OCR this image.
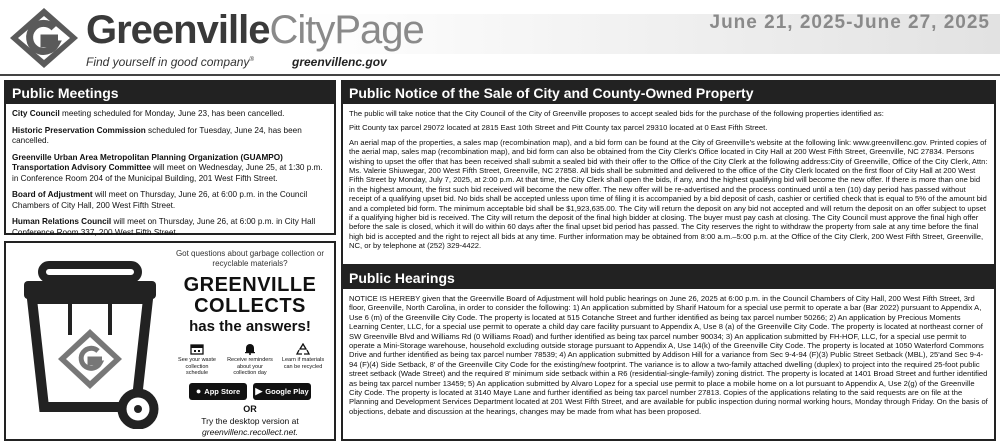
GreenvilleCityPage	June 21, 2025-June 27, 2025
Find yourself in good company®	greenvillenc.gov
Public Meetings
City Council meeting scheduled for Monday, June 23, has been cancelled.
Historic Preservation Commission scheduled for Tuesday, June 24, has been cancelled.
Greenville Urban Area Metropolitan Planning Organization (GUAMPO) Transportation Advisory Committee will meet on Wednesday, June 25, at 1:30 p.m. in Conference Room 204 of the Municipal Building, 201 West Fifth Street.
Board of Adjustment will meet on Thursday, June 26, at 6:00 p.m. in the Council Chambers of City Hall, 200 West Fifth Street.
Human Relations Council will meet on Thursday, June 26, at 6:00 p.m. in City Hall Conference Room 337, 200 West Fifth Street.
Got questions about garbage collection or recyclable materials?
GREENVILLE
COLLECTS
has the answers!
See your waste collection schedule
Receive reminders about your collection day
Learn if materials can be recycled
● App Store ▶ Google Play
OR
Try the desktop version at
greenvillenc.recollect.net.
Public Notice of the Sale of City and County-Owned Property

The public will take notice that the City Council of the City of Greenville proposes to accept sealed bids for the purchase of the following properties identified as:

Pitt County tax parcel 29072 located at 2815 East 10th Street and Pitt County tax parcel 29310 located at 0 East Fifth Street.

An aerial map of the properties, a sales map (recombination map), and a bid form can be found at the City of Greenville's website at the following link: www.greenvillenc.gov. Printed copies of the aerial map, sales map (recombination map), and bid form can also be obtained from the City Clerk's Office located in City Hall at 200 West Fifth Street, Greenville, NC 27834. Persons wishing to upset the offer that has been received shall submit a sealed bid with their offer to the Office of the City Clerk at the following address:City of Greenville, Office of the City Clerk, Attn: Ms. Valerie Shiuwegar, 200 West Fifth Street, Greenville, NC 27858. All bids shall be submitted and delivered to the office of the City Clerk located on the first floor of City Hall at 200 West Fifth Street by Monday, July 7, 2025, at 2:00 p.m. At that time, the City Clerk shall open the bids, if any, and the highest qualifying bid will become the new offer. If there is more than one bid in the highest amount, the first such bid received will become the new offer. The new offer will be re-advertised and the process continued until a ten (10) day period has passed without receipt of a qualifying upset bid. No bids shall be accepted unless upon time of filing it is accompanied by a bid deposit of cash, cashier or certified check that is equal to 5% of the amount bid and a completed bid form. The minimum acceptable bid shall be $1,923,635.00. The City will return the deposit on any bid not accepted and will return the deposit on an offer subject to upset if a qualifying higher bid is received. The City will return the deposit of the final high bidder at closing. The buyer must pay cash at closing. The City Council must approve the final high offer before the sale is closed, which it will do within 60 days after the final upset bid period has passed. The City reserves the right to withdraw the property from sale at any time before the final high bid is accepted and the right to reject all bids at any time. Further information may be obtained from 8:00 a.m.–5:00 p.m. at the Office of the City Clerk, 200 West Fifth Street, Greenville, NC, or by telephone at (252) 329-4422.

Public Hearings
NOTICE IS HEREBY given that the Greenville Board of Adjustment will hold public hearings on June 26, 2025 at 6:00 p.m. in the Council Chambers of City Hall, 200 West Fifth Street, 3rd floor, Greenville, North Carolina, in order to consider the following: 1) An application submitted by Sharif Hatoum for a special use permit to operate a bar (Bar 2022) pursuant to Appendix A, Use 6 (m) of the Greenville City Code. The property is located at 515 Cotanche Street and further identified as being tax parcel number 50266; 2) An application by Precious Moments Learning Center, LLC, for a special use permit to operate a child day care facility pursuant to Appendix A, Use 8 (a) of the Greenville City Code. The property is located at northeast corner of SW Greenville Blvd and Williams Rd (0 Williams Road) and further identified as being tax parcel number 90034; 3) An application submitted by FH-HOF, LLC, for a special use permit to operate a Mini-Storage warehouse, household excluding outside storage pursuant to Appendix A, Use 14(k) of the Greenville City Code. The property is located at 1050 Waterford Commons Drive and further identified as being tax parcel number 78539; 4) An application submitted by Addison Hill for a variance from Sec 9-4-94 (F)(3) Public Street Setback (MBL), 25'and Sec 9-4-94 (F)(4) Side Setback, 8' of the Greenville City Code for the existing/new footprint. The variance is to allow a two-family attached dwelling (duplex) to project into the required 25-foot public street setback (Wade Street) and the required 8' minimum side setback within a R6 (residential-single-family) zoning district. The property is located at 1401 Broad Street and further identified as being tax parcel number 13459; 5) An application submitted by Alvaro Lopez for a special use permit to place a mobile home on a lot pursuant to Appendix A, Use 2(g) of the Greenville City Code. The property is located at 3140 Maye Lane and further identified as being tax parcel number 27813. Copies of the applications relating to the said requests are on file at the Planning and Development Services Department located at 201 West Fifth Street, and are available for public inspection during normal working hours, Monday through Friday. On the basis of objections, debate and discussion at the hearings, changes may be made from what has been proposed.
